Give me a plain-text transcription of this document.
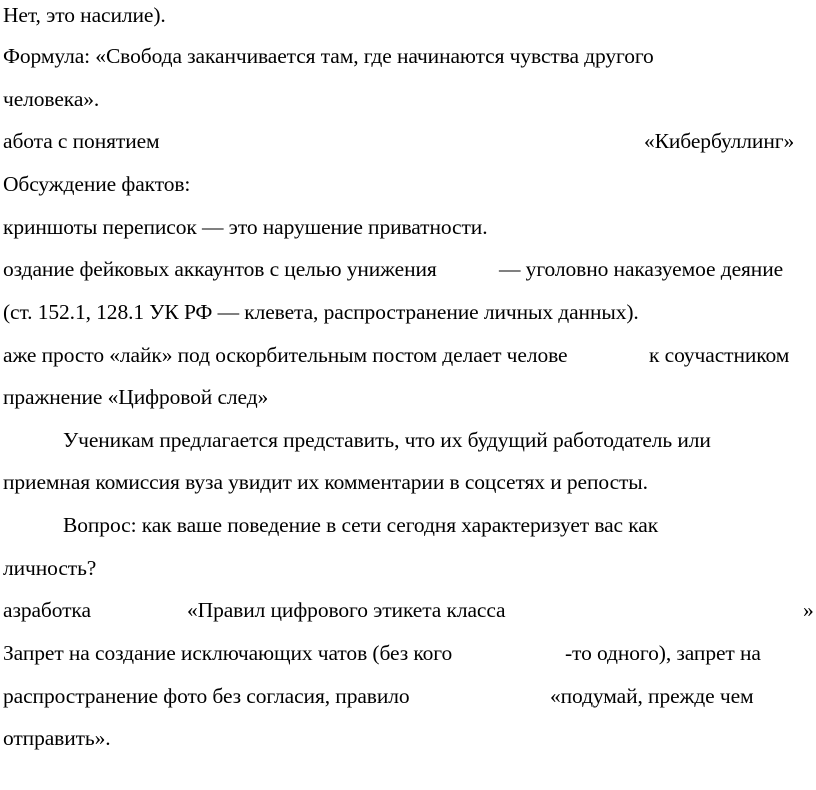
Нет, это насилие).
Формула: «Свобода заканчивается там, где начинаются чувства другого
человека».
абота с понятием	«Кибербуллинг»
Обсуждение фактов:
криншоты переписок — это нарушение приватности.
оздание фейковых аккаунтов с целью унижения	— уголовно наказуемое деяние
(ст. 152.1, 128.1 УК РФ — клевета, распространение личных данных).
аже просто «лайк» под оскорбительным постом делает челове	к соучастником
пражнение «Цифровой след»
Ученикам предлагается представить, что их будущий работодатель или
приемная комиссия вуза увидит их комментарии в соцсетях и репосты.
Вопрос: как ваше поведение в сети сегодня характеризует вас как
личность?
азработка	«Правил цифрового этикета класса	»
Запрет на создание исключающих чатов (без кого	-то одного), запрет на
распространение фото без согласия, правило	«подумай, прежде чем
отправить».
